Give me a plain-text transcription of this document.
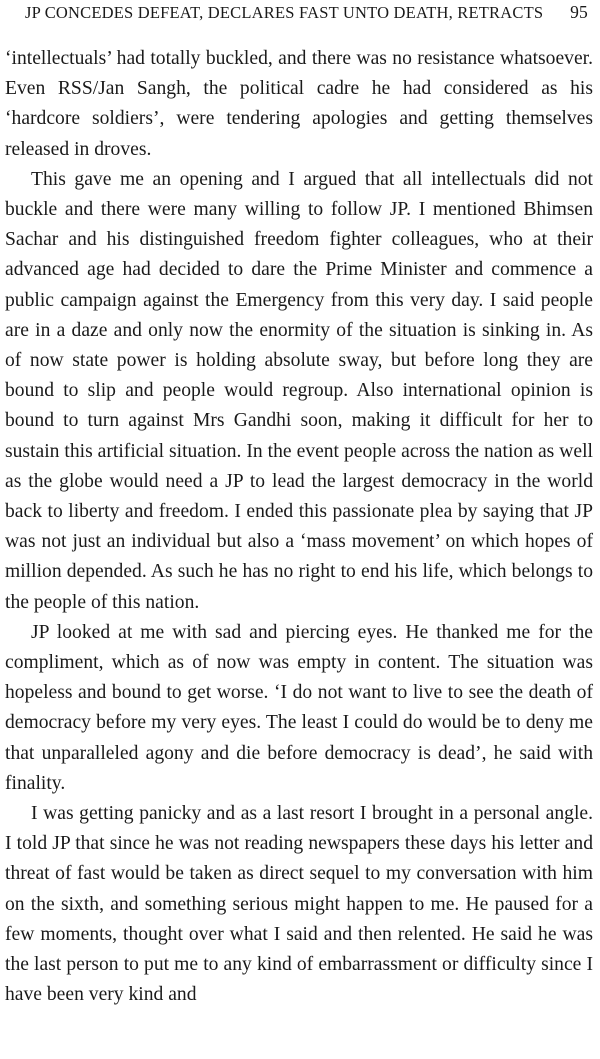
JP CONCEDES DEFEAT, DECLARES FAST UNTO DEATH, RETRACTS 95

‘intellectuals’ had totally buckled, and there was no resistance whatsoever. Even RSS/Jan Sangh, the political cadre he had considered as his ‘hardcore soldiers’, were tendering apologies and getting themselves released in droves.

This gave me an opening and I argued that all intellectuals did not buckle and there were many willing to follow JP. I mentioned Bhimsen Sachar and his distinguished freedom fighter colleagues, who at their advanced age had decided to dare the Prime Minister and commence a public campaign against the Emergency from this very day. I said people are in a daze and only now the enormity of the situation is sinking in. As of now state power is holding absolute sway, but before long they are bound to slip and people would regroup. Also international opinion is bound to turn against Mrs Gandhi soon, making it difficult for her to sustain this artificial situation. In the event people across the nation as well as the globe would need a JP to lead the largest democracy in the world back to liberty and freedom. I ended this passionate plea by saying that JP was not just an individual but also a ‘mass movement’ on which hopes of million depended. As such he has no right to end his life, which belongs to the people of this nation.

JP looked at me with sad and piercing eyes. He thanked me for the compliment, which as of now was empty in content. The situation was hopeless and bound to get worse. ‘I do not want to live to see the death of democracy before my very eyes. The least I could do would be to deny me that unparalleled agony and die before democracy is dead’, he said with finality.

I was getting panicky and as a last resort I brought in a personal angle. I told JP that since he was not reading newspapers these days his letter and threat of fast would be taken as direct sequel to my conversation with him on the sixth, and something serious might happen to me. He paused for a few moments, thought over what I said and then relented. He said he was the last person to put me to any kind of embarrassment or difficulty since I have been very kind and
